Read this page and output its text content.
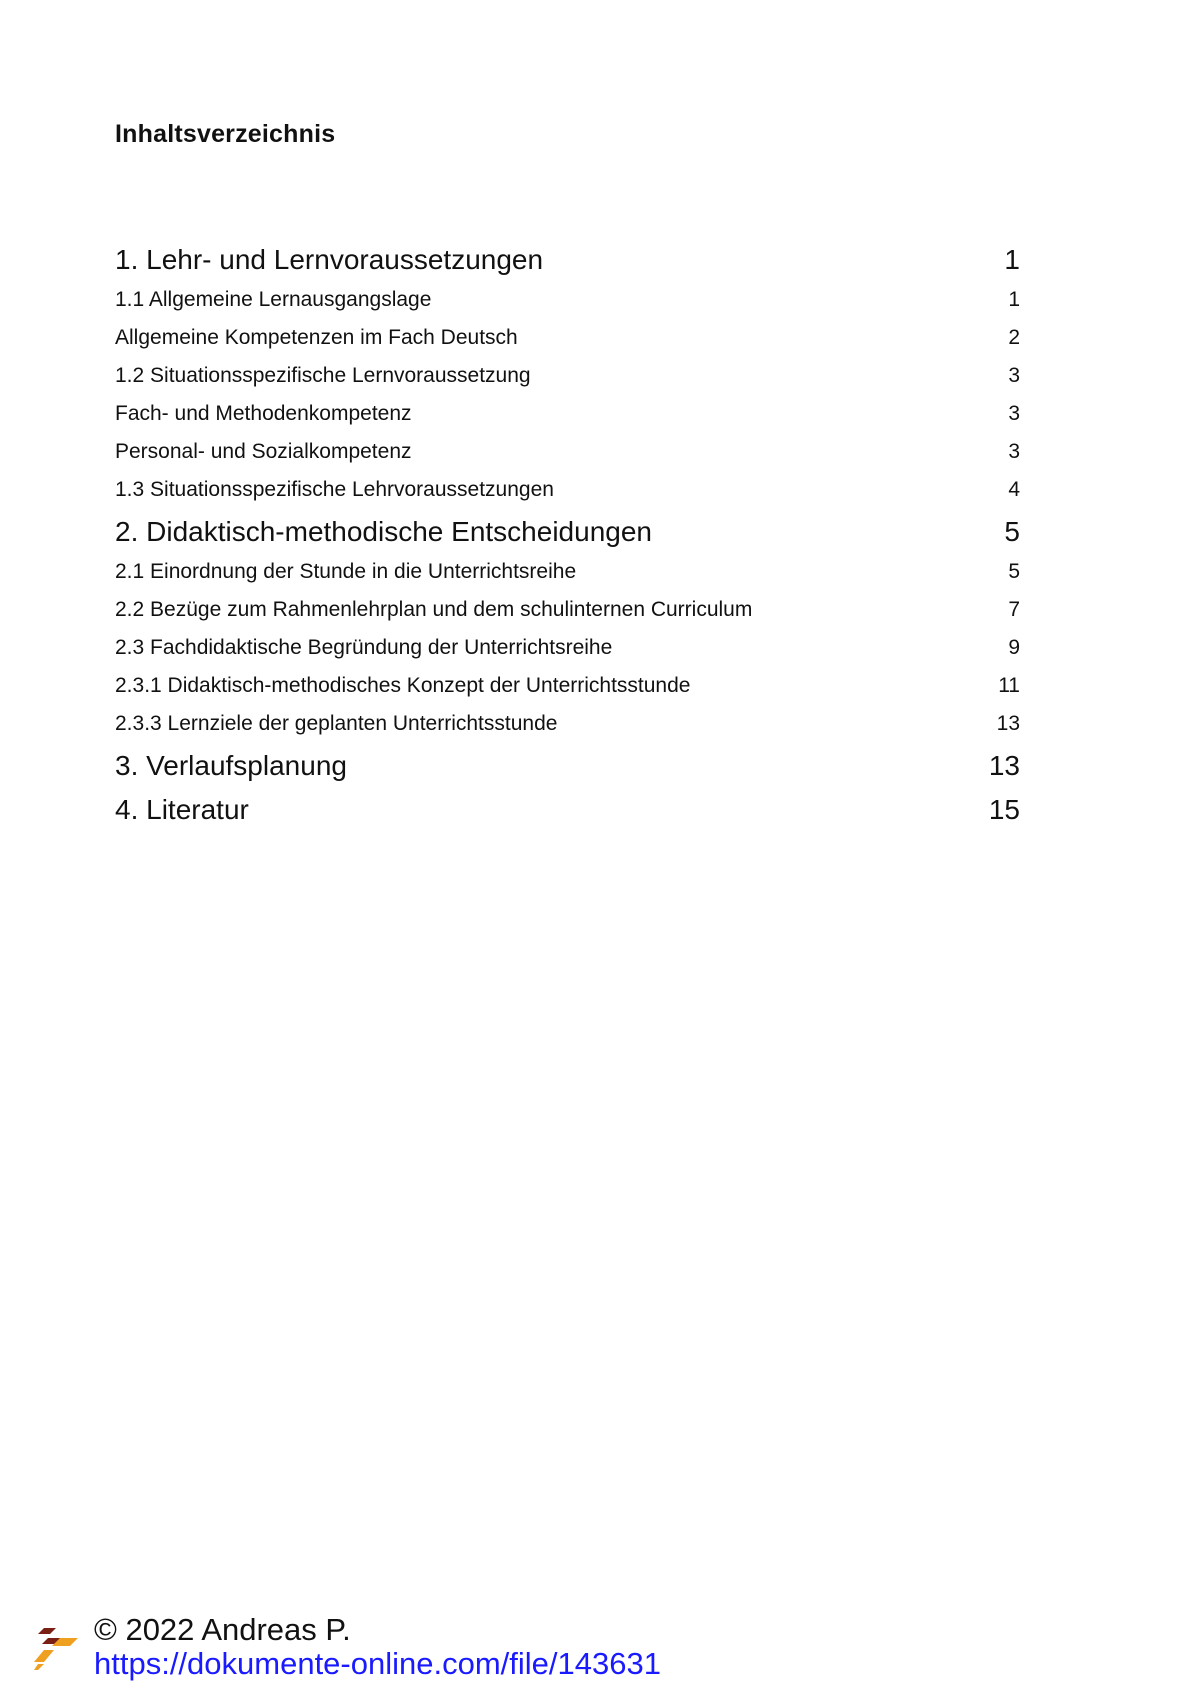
Inhaltsverzeichnis
1. Lehr- und Lernvoraussetzungen	1
1.1 Allgemeine Lernausgangslage	1
Allgemeine Kompetenzen im Fach Deutsch	2
1.2 Situationsspezifische Lernvoraussetzung	3
Fach- und Methodenkompetenz	3
Personal- und Sozialkompetenz	3
1.3 Situationsspezifische Lehrvoraussetzungen	4
2. Didaktisch-methodische Entscheidungen	5
2.1 Einordnung der Stunde in die Unterrichtsreihe	5
2.2 Bezüge zum Rahmenlehrplan und dem schulinternen Curriculum	7
2.3 Fachdidaktische Begründung der Unterrichtsreihe	9
2.3.1 Didaktisch-methodisches Konzept der Unterrichtsstunde	11
2.3.3 Lernziele der geplanten Unterrichtsstunde	13
3. Verlaufsplanung	13
4. Literatur	15
© 2022 Andreas P.
https://dokumente-online.com/file/143631
